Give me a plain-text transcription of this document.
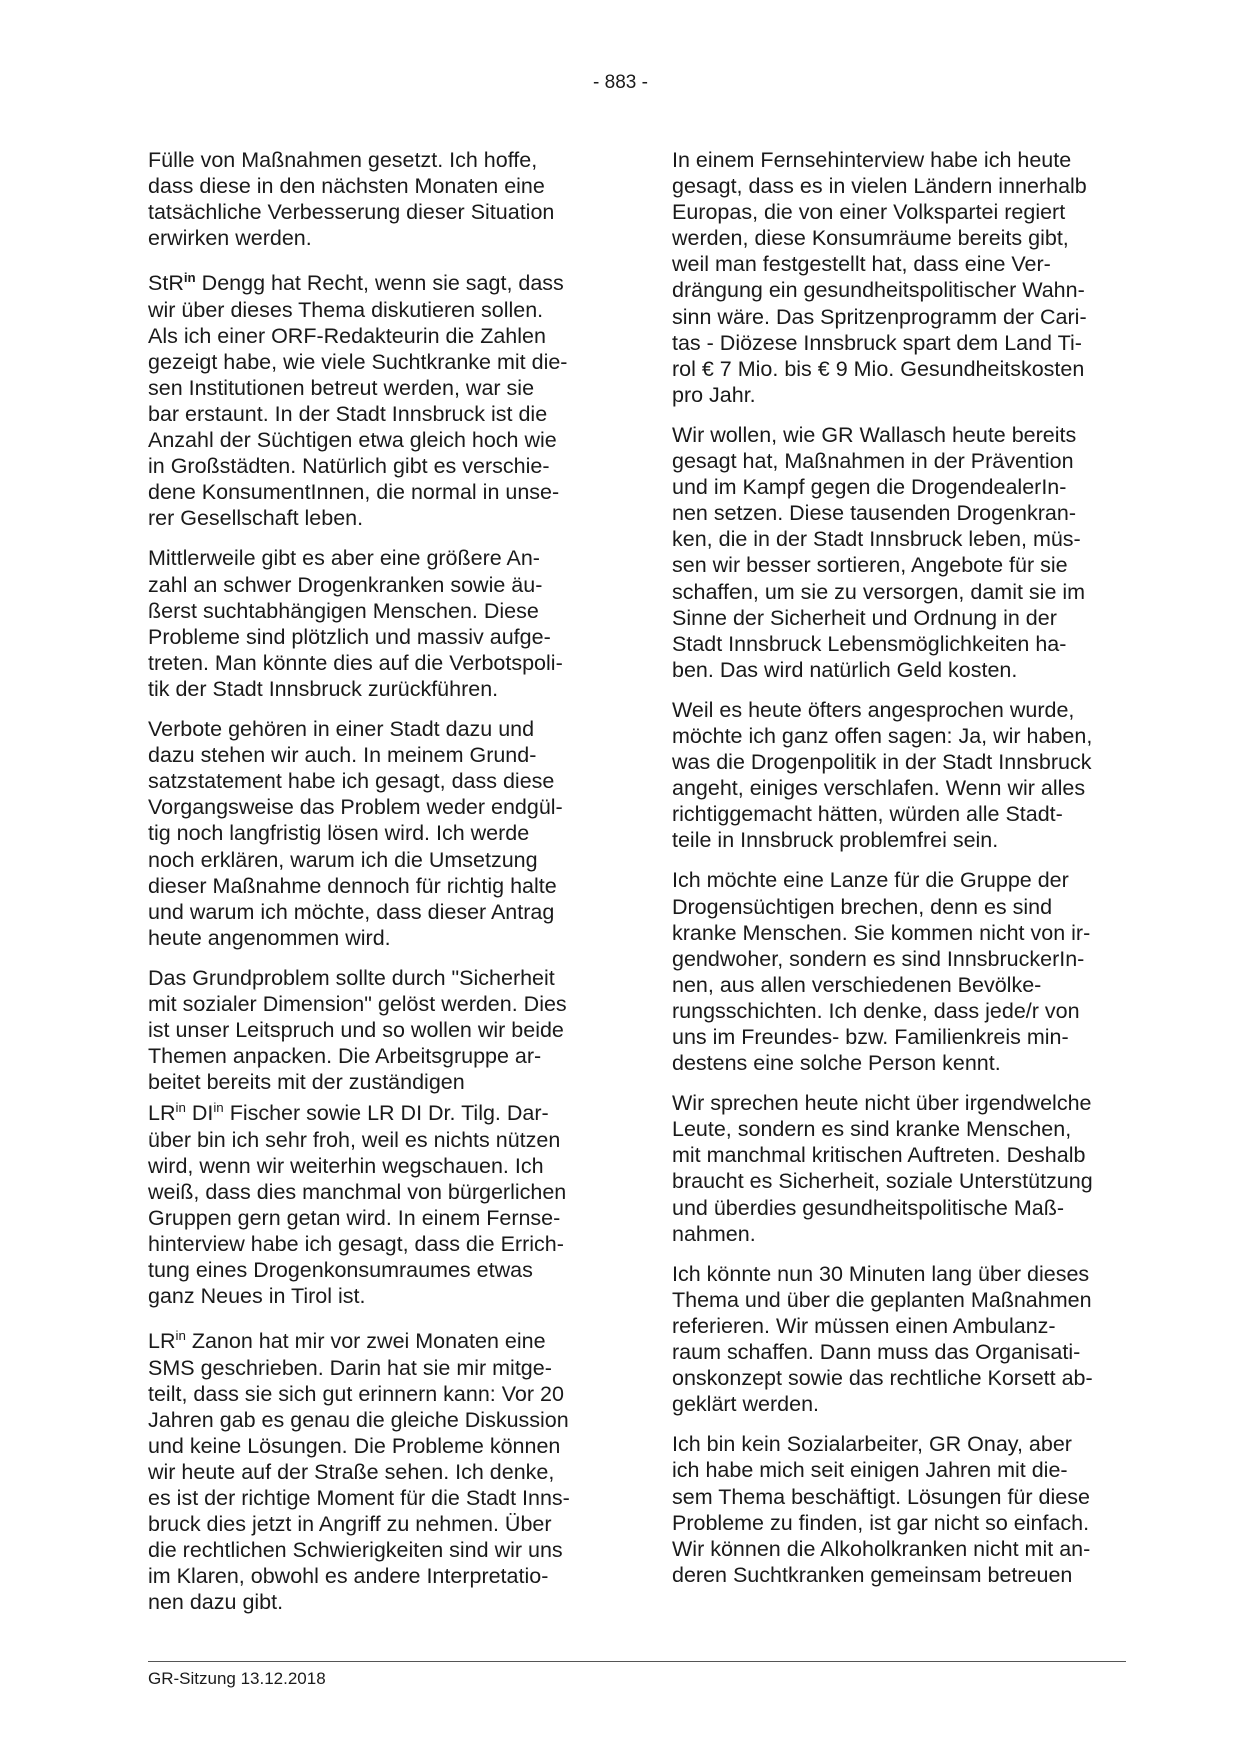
- 883 -

Fülle von Maßnahmen gesetzt. Ich hoffe,
dass diese in den nächsten Monaten eine
tatsächliche Verbesserung dieser Situation
erwirken werden.

StR$^{in}$ Dengg hat Recht, wenn sie sagt, dass
wir über dieses Thema diskutieren sollen.
Als ich einer ORF-Redakteurin die Zahlen
gezeigt habe, wie viele Suchtkranke mit die-
sen Institutionen betreut werden, war sie
bar erstaunt. In der Stadt Innsbruck ist die
Anzahl der Süchtigen etwa gleich hoch wie
in Großstädten. Natürlich gibt es verschie-
dene KonsumentInnen, die normal in unse-
rer Gesellschaft leben.

Mittlerweile gibt es aber eine größere An-
zahl an schwer Drogenkranken sowie äu-
ßerst suchtabhängigen Menschen. Diese
Probleme sind plötzlich und massiv aufge-
treten. Man könnte dies auf die Verbotspoli-
tik der Stadt Innsbruck zurückführen.

Verbote gehören in einer Stadt dazu und
dazu stehen wir auch. In meinem Grund-
satzstatement habe ich gesagt, dass diese
Vorgangsweise das Problem weder endgül-
tig noch langfristig lösen wird. Ich werde
noch erklären, warum ich die Umsetzung
dieser Maßnahme dennoch für richtig halte
und warum ich möchte, dass dieser Antrag
heute angenommen wird.

Das Grundproblem sollte durch "Sicherheit
mit sozialer Dimension" gelöst werden. Dies
ist unser Leitspruch und so wollen wir beide
Themen anpacken. Die Arbeitsgruppe ar-
beitet bereits mit der zuständigen
$LR^{in}$ $DI^{in}$ Fischer sowie LR DI Dr. Tilg. Dar-
über bin ich sehr froh, weil es nichts nützen
wird, wenn wir weiterhin wegschauen. Ich
weiß, dass dies manchmal von bürgerlichen
Gruppen gern getan wird. In einem Fernse-
hinterview habe ich gesagt, dass die Errich-
tung eines Drogenkonsumraumes etwas
ganz Neues in Tirol ist.

$LR^{in}$ Zanon hat mir vor zwei Monaten eine
SMS geschrieben. Darin hat sie mir mitge-
teilt, dass sie sich gut erinnern kann: Vor 20
Jahren gab es genau die gleiche Diskussion
und keine Lösungen. Die Probleme können
wir heute auf der Straße sehen. Ich denke,
es ist der richtige Moment für die Stadt Inns-
bruck dies jetzt in Angriff zu nehmen. Über
die rechtlichen Schwierigkeiten sind wir uns
im Klaren, obwohl es andere Interpretatio-
nen dazu gibt.

In einem Fernsehinterview habe ich heute
gesagt, dass es in vielen Ländern innerhalb
Europas, die von einer Volkspartei regiert
werden, diese Konsumräume bereits gibt,
weil man festgestellt hat, dass eine Ver-
drängung ein gesundheitspolitischer Wahn-
sinn wäre. Das Spritzenprogramm der Cari-
tas - Diözese Innsbruck spart dem Land Ti-
rol € 7 Mio. bis € 9 Mio. Gesundheitskosten
pro Jahr.

Wir wollen, wie GR Wallasch heute bereits
gesagt hat, Maßnahmen in der Prävention
und im Kampf gegen die DrogendealerIn-
nen setzen. Diese tausenden Drogenkran-
ken, die in der Stadt Innsbruck leben, müs-
sen wir besser sortieren, Angebote für sie
schaffen, um sie zu versorgen, damit sie im
Sinne der Sicherheit und Ordnung in der
Stadt Innsbruck Lebensmöglichkeiten ha-
ben. Das wird natürlich Geld kosten.

Weil es heute öfters angesprochen wurde,
möchte ich ganz offen sagen: Ja, wir haben,
was die Drogenpolitik in der Stadt Innsbruck
angeht, einiges verschlafen. Wenn wir alles
richtiggemacht hätten, würden alle Stadt-
teile in Innsbruck problemfrei sein.

Ich möchte eine Lanze für die Gruppe der
Drogensüchtigen brechen, denn es sind
kranke Menschen. Sie kommen nicht von ir-
gendwoher, sondern es sind InnsbruckerIn-
nen, aus allen verschiedenen Bevölke-
rungsschichten. Ich denke, dass jede/r von
uns im Freundes- bzw. Familienkreis min-
destens eine solche Person kennt.

Wir sprechen heute nicht über irgendwelche
Leute, sondern es sind kranke Menschen,
mit manchmal kritischen Auftreten. Deshalb
braucht es Sicherheit, soziale Unterstützung
und überdies gesundheitspolitische Maß-
nahmen.

Ich könnte nun 30 Minuten lang über dieses
Thema und über die geplanten Maßnahmen
referieren. Wir müssen einen Ambulanz-
raum schaffen. Dann muss das Organisati-
onskonzept sowie das rechtliche Korsett ab-
geklärt werden.

Ich bin kein Sozialarbeiter, GR Onay, aber
ich habe mich seit einigen Jahren mit die-
sem Thema beschäftigt. Lösungen für diese
Probleme zu finden, ist gar nicht so einfach.
Wir können die Alkoholkranken nicht mit an-
deren Suchtkranken gemeinsam betreuen

GR-Sitzung 13.12.2018
